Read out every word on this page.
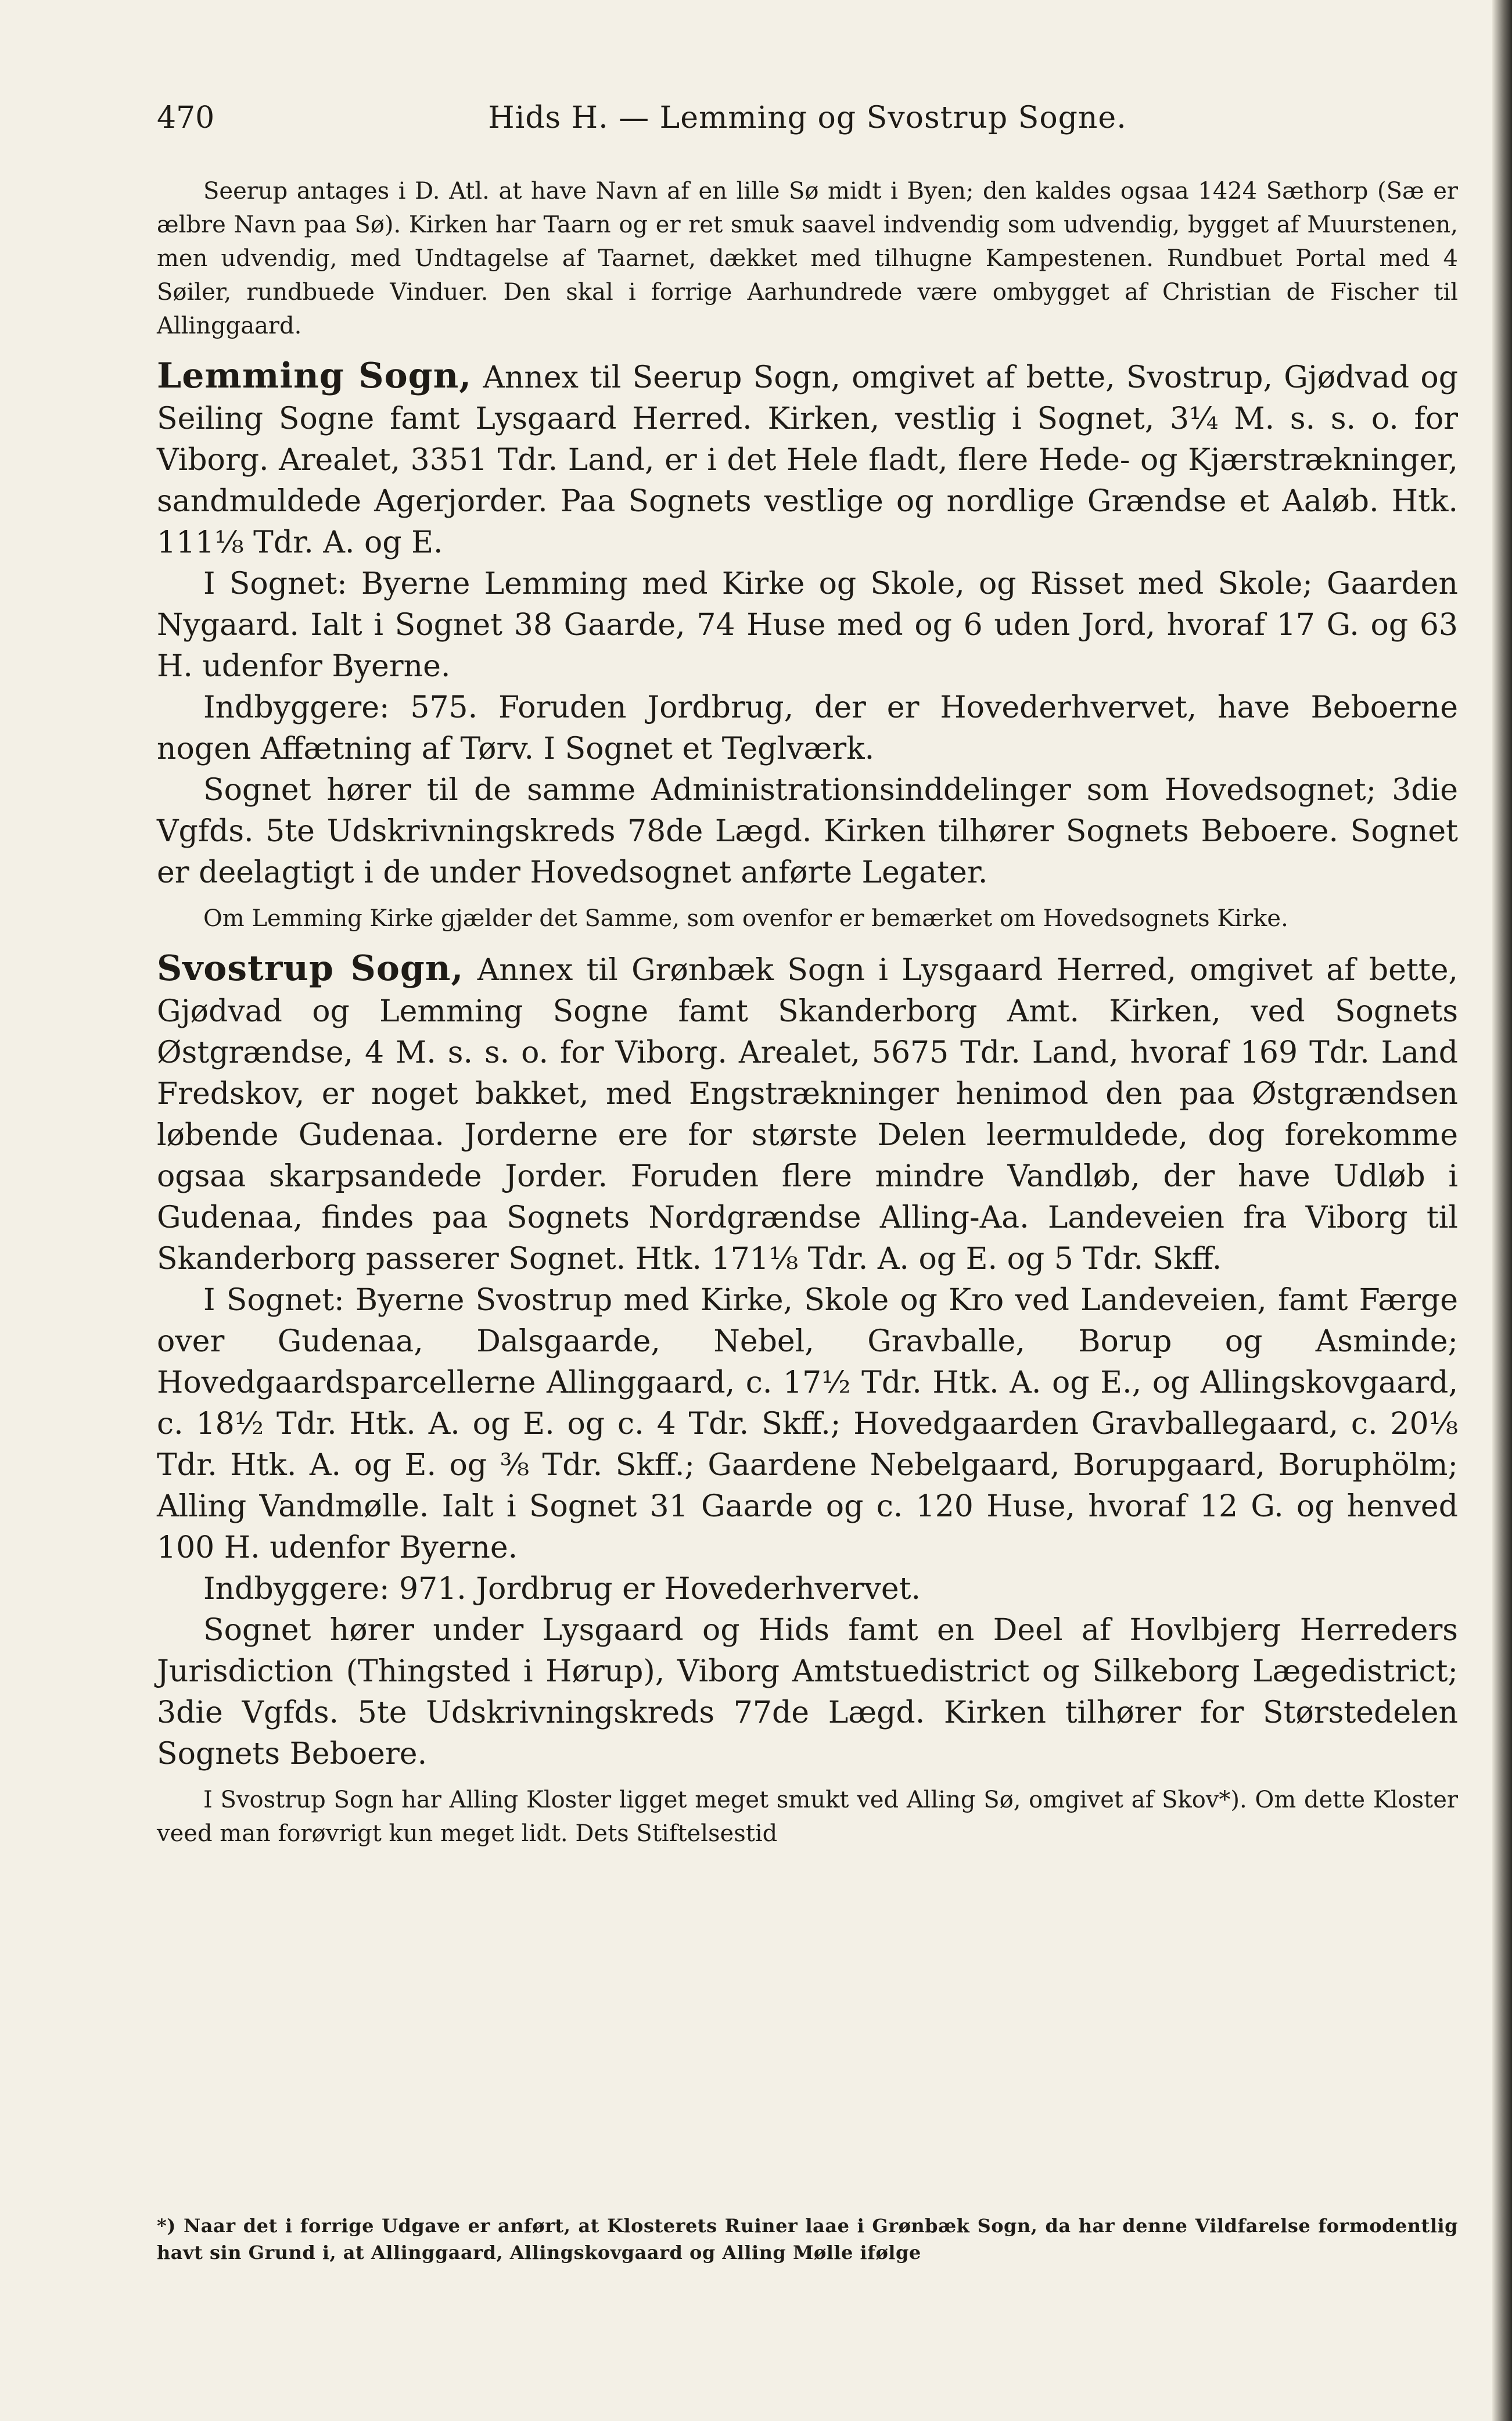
470	Hids H. — Lemming og Svostrup Sogne.

Seerup antages i D. Atl. at have Navn af en lille Sø midt i Byen; den kaldes ogsaa 1424 Sæthorp (Sæ er ælbre Navn paa Sø). Kirken har Taarn og er ret smuk saavel indvendig som udvendig, bygget af Muurstenen, men udvendig, med Undtagelse af Taarnet, dækket med tilhugne Kampestenen. Rundbuet Portal med 4 Søiler, rundbuede Vinduer. Den skal i forrige Aarhundrede være ombygget af Christian de Fischer til Allinggaard.

Lemming Sogn, Annex til Seerup Sogn, omgivet af bette, Svostrup, Gjødvad og Seiling Sogne famt Lysgaard Herred. Kirken, vestlig i Sognet, 3¼ M. s. s. o. for Viborg. Arealet, 3351 Tdr. Land, er i det Hele fladt, flere Hede- og Kjærstrækninger, sandmuldede Agerjorder. Paa Sognets vestlige og nordlige Grændse et Aaløb. Htk. 111⅛ Tdr. A. og E.

I Sognet: Byerne Lemming med Kirke og Skole, og Risset med Skole; Gaarden Nygaard. Ialt i Sognet 38 Gaarde, 74 Huse med og 6 uden Jord, hvoraf 17 G. og 63 H. udenfor Byerne.

Indbyggere: 575. Foruden Jordbrug, der er Hovederhvervet, have Beboerne nogen Affætning af Tørv. I Sognet et Teglværk.

Sognet hører til de samme Administrationsinddelinger som Hovedsognet; 3die Vgfds. 5te Udskrivningskreds 78de Lægd. Kirken tilhører Sognets Beboere. Sognet er deelagtigt i de under Hovedsognet anførte Legater.

Om Lemming Kirke gjælder det Samme, som ovenfor er bemærket om Hovedsognets Kirke.

Svostrup Sogn, Annex til Grønbæk Sogn i Lysgaard Herred, omgivet af bette, Gjødvad og Lemming Sogne famt Skanderborg Amt. Kirken, ved Sognets Østgrændse, 4 M. s. s. o. for Viborg. Arealet, 5675 Tdr. Land, hvoraf 169 Tdr. Land Fredskov, er noget bakket, med Engstrækninger henimod den paa Østgrændsen løbende Gudenaa. Jorderne ere for største Delen leermuldede, dog forekomme ogsaa skarpsandede Jorder. Foruden flere mindre Vandløb, der have Udløb i Gudenaa, findes paa Sognets Nordgrændse Alling-Aa. Landeveien fra Viborg til Skanderborg passerer Sognet. Htk. 171⅛ Tdr. A. og E. og 5 Tdr. Skff.

I Sognet: Byerne Svostrup med Kirke, Skole og Kro ved Landeveien, famt Færge over Gudenaa, Dalsgaarde, Nebel, Gravballe, Borup og Asminde; Hovedgaardsparcellerne Allinggaard, c. 17½ Tdr. Htk. A. og E., og Allingskovgaard, c. 18½ Tdr. Htk. A. og E. og c. 4 Tdr. Skff.; Hovedgaarden Gravballegaard, c. 20⅛ Tdr. Htk. A. og E. og ⅜ Tdr. Skff.; Gaardene Nebelgaard, Borupgaard, Boruphölm; Alling Vandmølle. Ialt i Sognet 31 Gaarde og c. 120 Huse, hvoraf 12 G. og henved 100 H. udenfor Byerne.

Indbyggere: 971. Jordbrug er Hovederhvervet.

Sognet hører under Lysgaard og Hids famt en Deel af Hovlbjerg Herreders Jurisdiction (Thingsted i Hørup), Viborg Amtstuedistrict og Silkeborg Lægedistrict; 3die Vgfds. 5te Udskrivningskreds 77de Lægd. Kirken tilhører for Størstedelen Sognets Beboere.

I Svostrup Sogn har Alling Kloster ligget meget smukt ved Alling Sø, omgivet af Skov*). Om dette Kloster veed man forøvrigt kun meget lidt. Dets Stiftelsestid

*) Naar det i forrige Udgave er anført, at Klosterets Ruiner laae i Grønbæk Sogn, da har denne Vildfarelse formodentlig havt sin Grund i, at Allinggaard, Allingskovgaard og Alling Mølle ifølge
